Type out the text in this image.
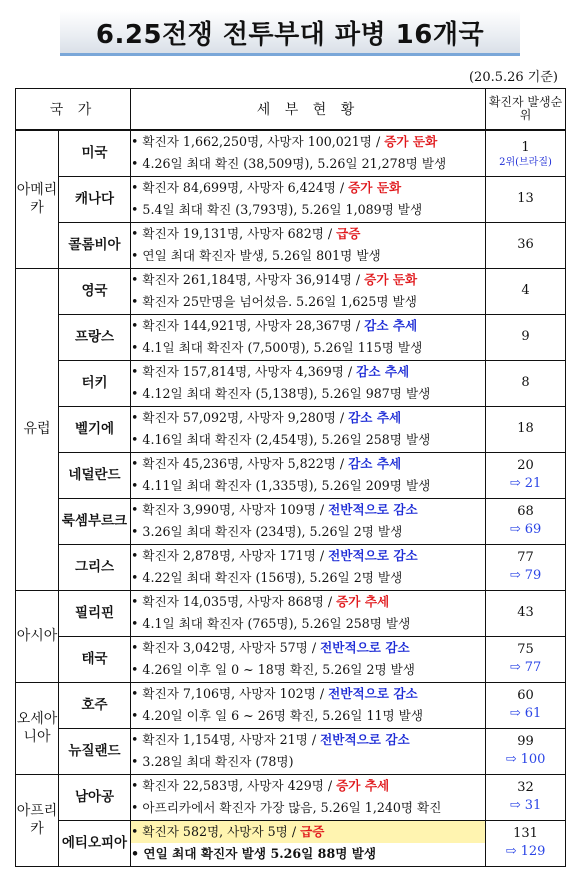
6.25전쟁 전투부대 파병 16개국
(20.5.26 기준)
국 가		세 부 현 황	확진자 발생순위
아메리카	미국	• 확진자 1,662,250명, 사망자 100,021명 / 증가 둔화
• 4.26일 최대 확진 (38,509명), 5.26일 21,278명 발생	1
2위(브라질)

	캐나다	• 확진자 84,699명, 사망자 6,424명 / 증가 둔화
• 5.4일 최대 확진 (3,793명), 5.26일 1,089명 발생	13
	콜롬비아	• 확진자 19,131명, 사망자 682명 / 급증
• 연일 최대 확진자 발생, 5.26일 801명 발생	36
유럽	영국	• 확진자 261,184명, 사망자 36,914명 / 증가 둔화
• 확진자 25만명을 넘어섰음. 5.26일 1,625명 발생	4
	프랑스	• 확진자 144,921명, 사망자 28,367명 / 감소 추세
• 4.1일 최대 확진자 (7,500명), 5.26일 115명 발생	9
	터키	• 확진자 157,814명, 사망자 4,369명 / 감소 추세
• 4.12일 최대 확진자 (5,138명), 5.26일 987명 발생	8
	벨기에	• 확진자 57,092명, 사망자 9,280명 / 감소 추세
• 4.16일 최대 확진자 (2,454명), 5.26일 258명 발생	18
	네덜란드	• 확진자 45,236명, 사망자 5,822명 / 감소 추세
• 4.11일 최대 확진자 (1,335명), 5.26일 209명 발생	20
⇨ 21

	룩셈부르크	• 확진자 3,990명, 사망자 109명 / 전반적으로 감소
• 3.26일 최대 확진자 (234명), 5.26일 2명 발생	68
⇨ 69

	그리스	• 확진자 2,878명, 사망자 171명 / 전반적으로 감소
• 4.22일 최대 확진자 (156명), 5.26일 2명 발생	77
⇨ 79

아시아	필리핀	• 확진자 14,035명, 사망자 868명 / 증가 추세
• 4.1일 최대 확진자 (765명), 5.26일 258명 발생	43
	태국	• 확진자 3,042명, 사망자 57명 / 전반적으로 감소
• 4.26일 이후 일 0 ~ 18명 확진, 5.26일 2명 발생	75
⇨ 77

오세아니아	호주	• 확진자 7,106명, 사망자 102명 / 전반적으로 감소
• 4.20일 이후 일 6 ~ 26명 확진, 5.26일 11명 발생	60
⇨ 61

	뉴질랜드	• 확진자 1,154명, 사망자 21명 / 전반적으로 감소
• 3.28일 최대 확진자 (78명)	99
⇨ 100

아프리카	남아공	• 확진자 22,583명, 사망자 429명 / 증가 추세
• 아프리카에서 확진자 가장 많음, 5.26일 1,240명 확진	32
⇨ 31

	에티오피아	• 확진자 582명, 사망자 5명 / 급증
• 연일 최대 확진자 발생 5.26일 88명 발생	131
⇨ 129
